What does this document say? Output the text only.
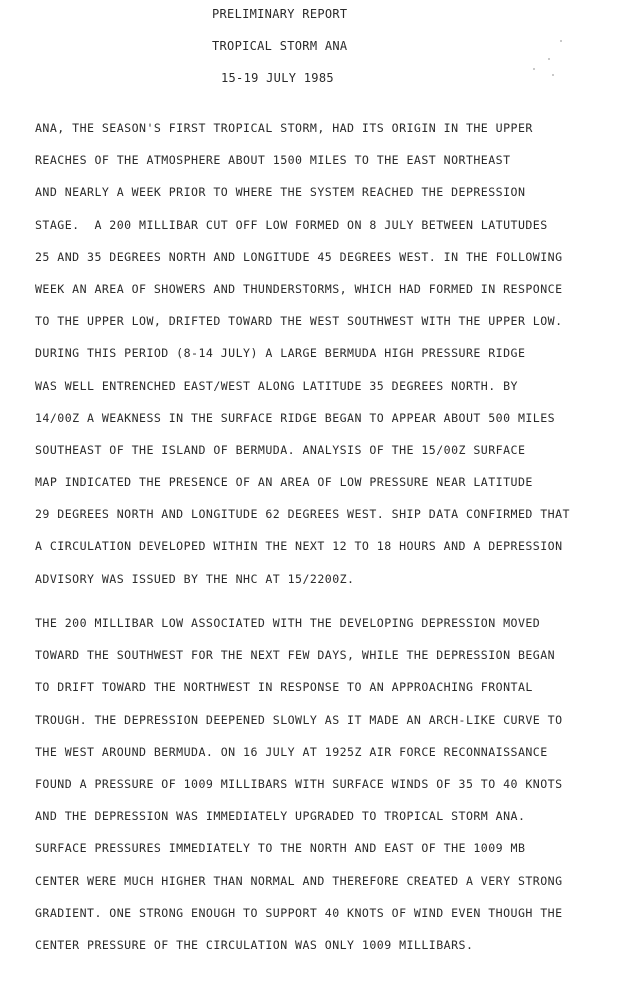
PRELIMINARY REPORT
TROPICAL STORM ANA
15-19 JULY 1985
ANA, THE SEASON'S FIRST TROPICAL STORM, HAD ITS ORIGIN IN THE UPPER
REACHES OF THE ATMOSPHERE ABOUT 1500 MILES TO THE EAST NORTHEAST
AND NEARLY A WEEK PRIOR TO WHERE THE SYSTEM REACHED THE DEPRESSION
STAGE.  A 200 MILLIBAR CUT OFF LOW FORMED ON 8 JULY BETWEEN LATUTUDES
25 AND 35 DEGREES NORTH AND LONGITUDE 45 DEGREES WEST. IN THE FOLLOWING
WEEK AN AREA OF SHOWERS AND THUNDERSTORMS, WHICH HAD FORMED IN RESPONCE
TO THE UPPER LOW, DRIFTED TOWARD THE WEST SOUTHWEST WITH THE UPPER LOW.
DURING THIS PERIOD (8-14 JULY) A LARGE BERMUDA HIGH PRESSURE RIDGE
WAS WELL ENTRENCHED EAST/WEST ALONG LATITUDE 35 DEGREES NORTH. BY
14/00Z A WEAKNESS IN THE SURFACE RIDGE BEGAN TO APPEAR ABOUT 500 MILES
SOUTHEAST OF THE ISLAND OF BERMUDA. ANALYSIS OF THE 15/00Z SURFACE
MAP INDICATED THE PRESENCE OF AN AREA OF LOW PRESSURE NEAR LATITUDE
29 DEGREES NORTH AND LONGITUDE 62 DEGREES WEST. SHIP DATA CONFIRMED THAT
A CIRCULATION DEVELOPED WITHIN THE NEXT 12 TO 18 HOURS AND A DEPRESSION
ADVISORY WAS ISSUED BY THE NHC AT 15/2200Z.
THE 200 MILLIBAR LOW ASSOCIATED WITH THE DEVELOPING DEPRESSION MOVED
TOWARD THE SOUTHWEST FOR THE NEXT FEW DAYS, WHILE THE DEPRESSION BEGAN
TO DRIFT TOWARD THE NORTHWEST IN RESPONSE TO AN APPROACHING FRONTAL
TROUGH. THE DEPRESSION DEEPENED SLOWLY AS IT MADE AN ARCH-LIKE CURVE TO
THE WEST AROUND BERMUDA. ON 16 JULY AT 1925Z AIR FORCE RECONNAISSANCE
FOUND A PRESSURE OF 1009 MILLIBARS WITH SURFACE WINDS OF 35 TO 40 KNOTS
AND THE DEPRESSION WAS IMMEDIATELY UPGRADED TO TROPICAL STORM ANA.
SURFACE PRESSURES IMMEDIATELY TO THE NORTH AND EAST OF THE 1009 MB
CENTER WERE MUCH HIGHER THAN NORMAL AND THEREFORE CREATED A VERY STRONG
GRADIENT. ONE STRONG ENOUGH TO SUPPORT 40 KNOTS OF WIND EVEN THOUGH THE
CENTER PRESSURE OF THE CIRCULATION WAS ONLY 1009 MILLIBARS.
